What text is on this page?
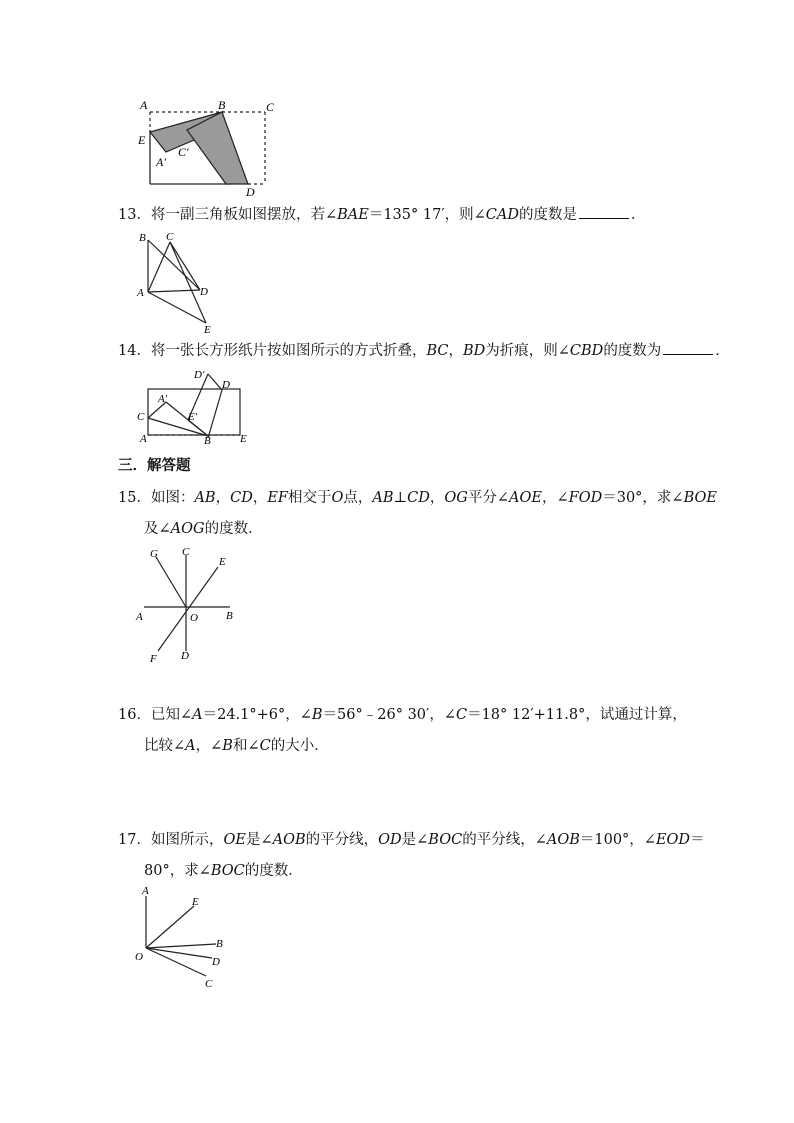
A	B	C
E
C′
A′
D
13．将一副三角板如图摆放，若∠BAE＝135° 17′，则∠CAD的度数是	．
B C
A	D
E
14．将一张长方形纸片按如图所示的方式折叠，BC，BD为折痕，则∠CBD的度数为	．
D′
D
A′
C	E′
A	B	E
三．解答题
15．如图：AB，CD，EF相交于O点，AB⊥CD，OG平分∠AOE，∠FOD＝30°，求∠BOE
及∠AOG的度数．
G C
E
A	O	B
F D
16．已知∠A＝24.1°+6°，∠B＝56°﹣26° 30′，∠C＝18° 12′+11.8°，试通过计算，
比较∠A，∠B和∠C的大小．
17．如图所示，OE是∠AOB的平分线，OD是∠BOC的平分线，∠AOB＝100°，∠EOD＝
80°，求∠BOC的度数．
A
E
B
O	D
C
